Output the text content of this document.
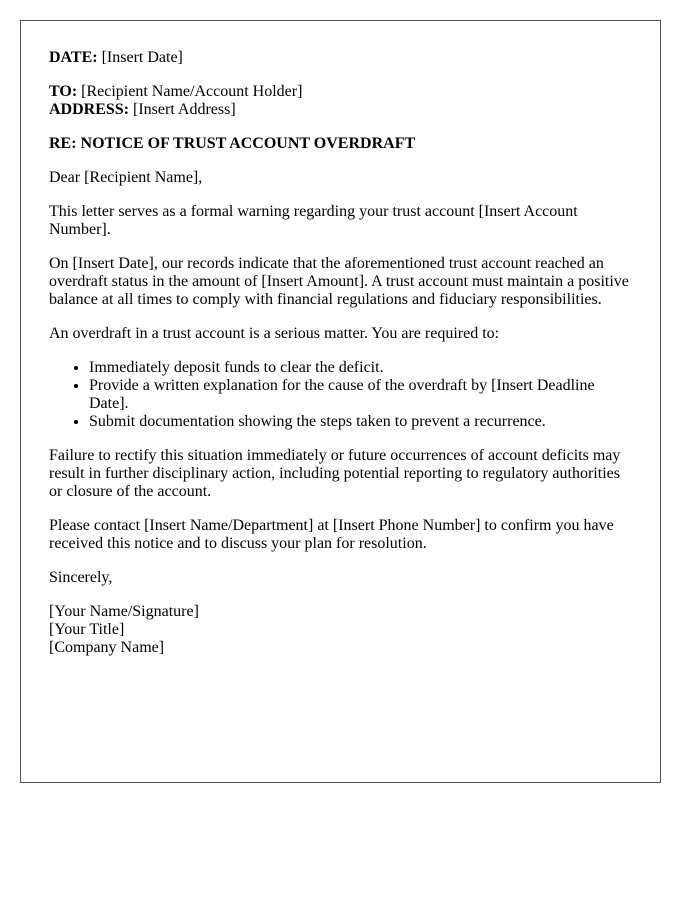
DATE: [Insert Date]

TO: [Recipient Name/Account Holder]
ADDRESS: [Insert Address]

RE: NOTICE OF TRUST ACCOUNT OVERDRAFT

Dear [Recipient Name],

This letter serves as a formal warning regarding your trust account [Insert Account Number].

On [Insert Date], our records indicate that the aforementioned trust account reached an overdraft status in the amount of [Insert Amount]. A trust account must maintain a positive balance at all times to comply with financial regulations and fiduciary responsibilities.

An overdraft in a trust account is a serious matter. You are required to:

• Immediately deposit funds to clear the deficit.
• Provide a written explanation for the cause of the overdraft by [Insert Deadline Date].
• Submit documentation showing the steps taken to prevent a recurrence.

Failure to rectify this situation immediately or future occurrences of account deficits may result in further disciplinary action, including potential reporting to regulatory authorities or closure of the account.

Please contact [Insert Name/Department] at [Insert Phone Number] to confirm you have received this notice and to discuss your plan for resolution.

Sincerely,

[Your Name/Signature]
[Your Title]
[Company Name]
